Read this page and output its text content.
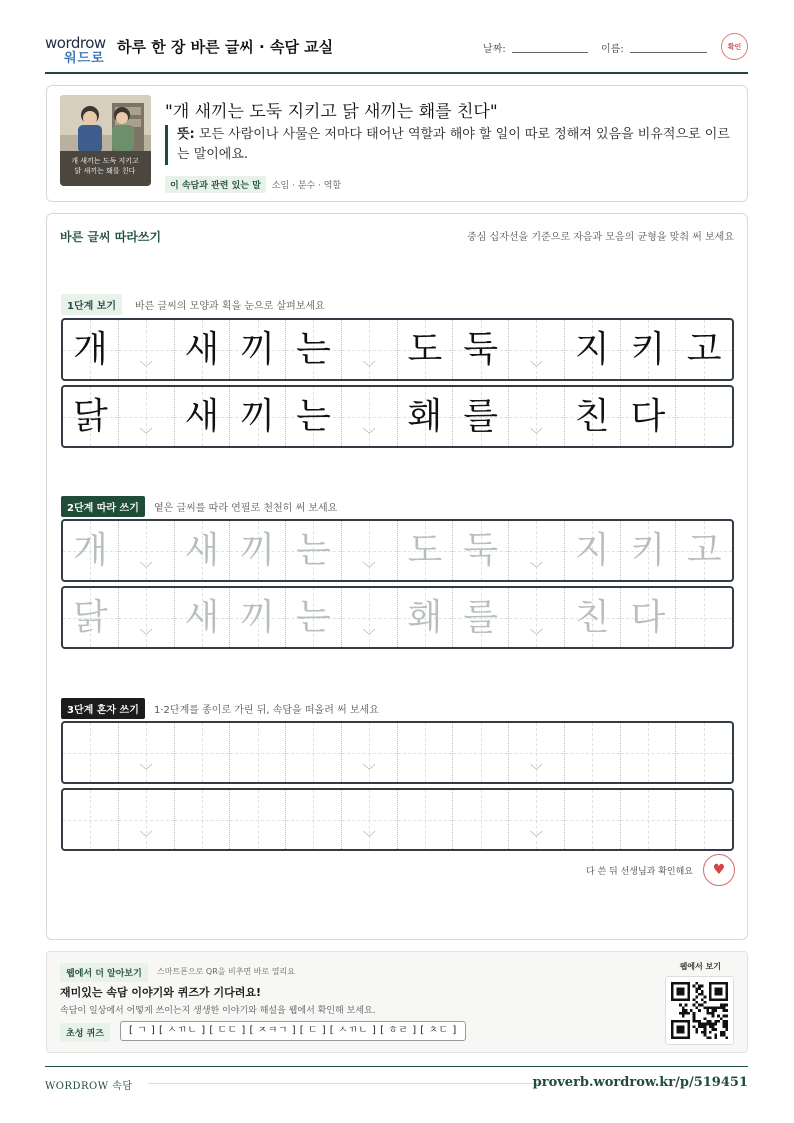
wordrow
워드로
하루 한 장 바른 글씨 · 속담 교실	날짜:	이름:	확인
개 새끼는 도둑 지키고
닭 새끼는 홰를 친다
"개 새끼는 도둑 지키고 닭 새끼는 홰를 친다"
뜻: 모든 사람이나 사물은 저마다 태어난 역할과 해야 할 일이 따로 정해져 있음을 비유적으로 이르는 말이에요.
이 속담과 관련 있는 말	소임 · 분수 · 역할
바른 글씨 따라쓰기	중심 십자선을 기준으로 자음과 모음의 균형을 맞춰 써 보세요
1단계 보기	바른 글씨의 모양과 획을 눈으로 살펴보세요
개 ﹀ 새 끼 는 ﹀ 도 둑 ﹀ 지 키 고
닭 ﹀ 새 끼 는 ﹀ 홰 를 ﹀ 친 다
2단계 따라 쓰기	옅은 글씨를 따라 연필로 천천히 써 보세요
개 ﹀ 새 끼 는 ﹀ 도 둑 ﹀ 지 키 고
닭 ﹀ 새 끼 는 ﹀ 홰 를 ﹀ 친 다
3단계 혼자 쓰기	1·2단계를 종이로 가린 뒤, 속담을 떠올려 써 보세요
﹀	﹀	﹀
﹀	﹀	﹀
다 쓴 뒤 선생님과 확인해요 ♥
웹에서 더 알아보기	스마트폰으로 QR을 비추면 바로 열리요
재미있는 속담 이야기와 퀴즈가 기다려요!
속담이 일상에서 어떻게 쓰이는지 생생한 이야기와 해설을 웹에서 확인해 보세요.
초성 퀴즈	[ ㄱ ] [ ㅅㄲㄴ ] [ ㄷㄷ ] [ ㅈㅋㄱ ] [ ㄷ ] [ ㅅㄲㄴ ] [ ㅎㄹ ] [ ㅊㄷ ]
웹에서 보기
WORDROW 속담	proverb.wordrow.kr/p/519451
